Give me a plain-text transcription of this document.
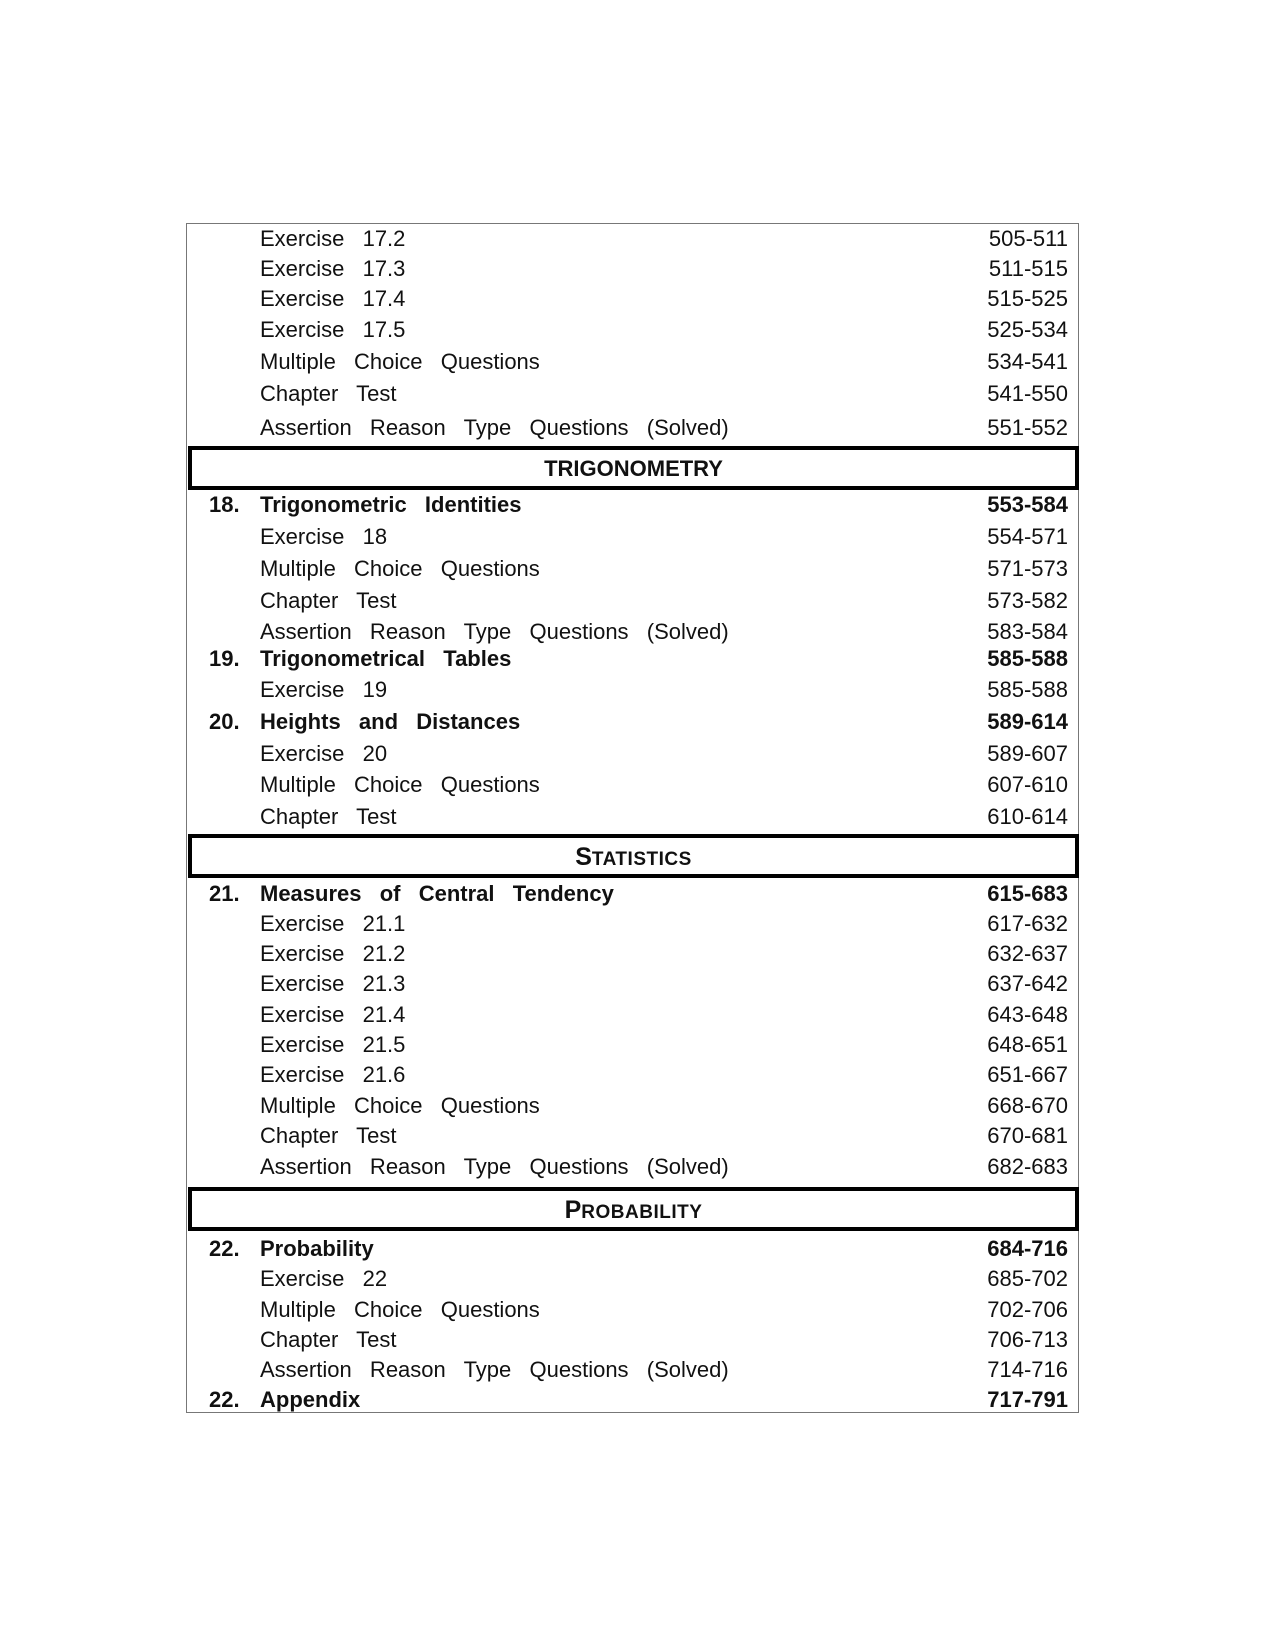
Exercise  17.2	505-511
Exercise  17.3	511-515
Exercise  17.4	515-525
Exercise  17.5	525-534
Multiple  Choice  Questions	534-541
Chapter  Test	541-550
Assertion  Reason  Type  Questions  (Solved)	551-552
TRIGONOMETRY
18. Trigonometric  Identities	553-584
Exercise  18	554-571
Multiple  Choice  Questions	571-573
Chapter  Test	573-582
Assertion  Reason  Type  Questions  (Solved)	583-584
19. Trigonometrical  Tables	585-588
Exercise  19	585-588
20. Heights  and  Distances	589-614
Exercise  20	589-607
Multiple  Choice  Questions	607-610
Chapter  Test	610-614
STATISTICS
21. Measures  of  Central  Tendency	615-683
Exercise  21.1	617-632
Exercise  21.2	632-637
Exercise  21.3	637-642
Exercise  21.4	643-648
Exercise  21.5	648-651
Exercise  21.6	651-667
Multiple  Choice  Questions	668-670
Chapter  Test	670-681
Assertion  Reason  Type  Questions  (Solved)	682-683
PROBABILITY
22. Probability	684-716
Exercise  22	685-702
Multiple  Choice  Questions	702-706
Chapter  Test	706-713
Assertion  Reason  Type  Questions  (Solved)	714-716
22. Appendix	717-791
